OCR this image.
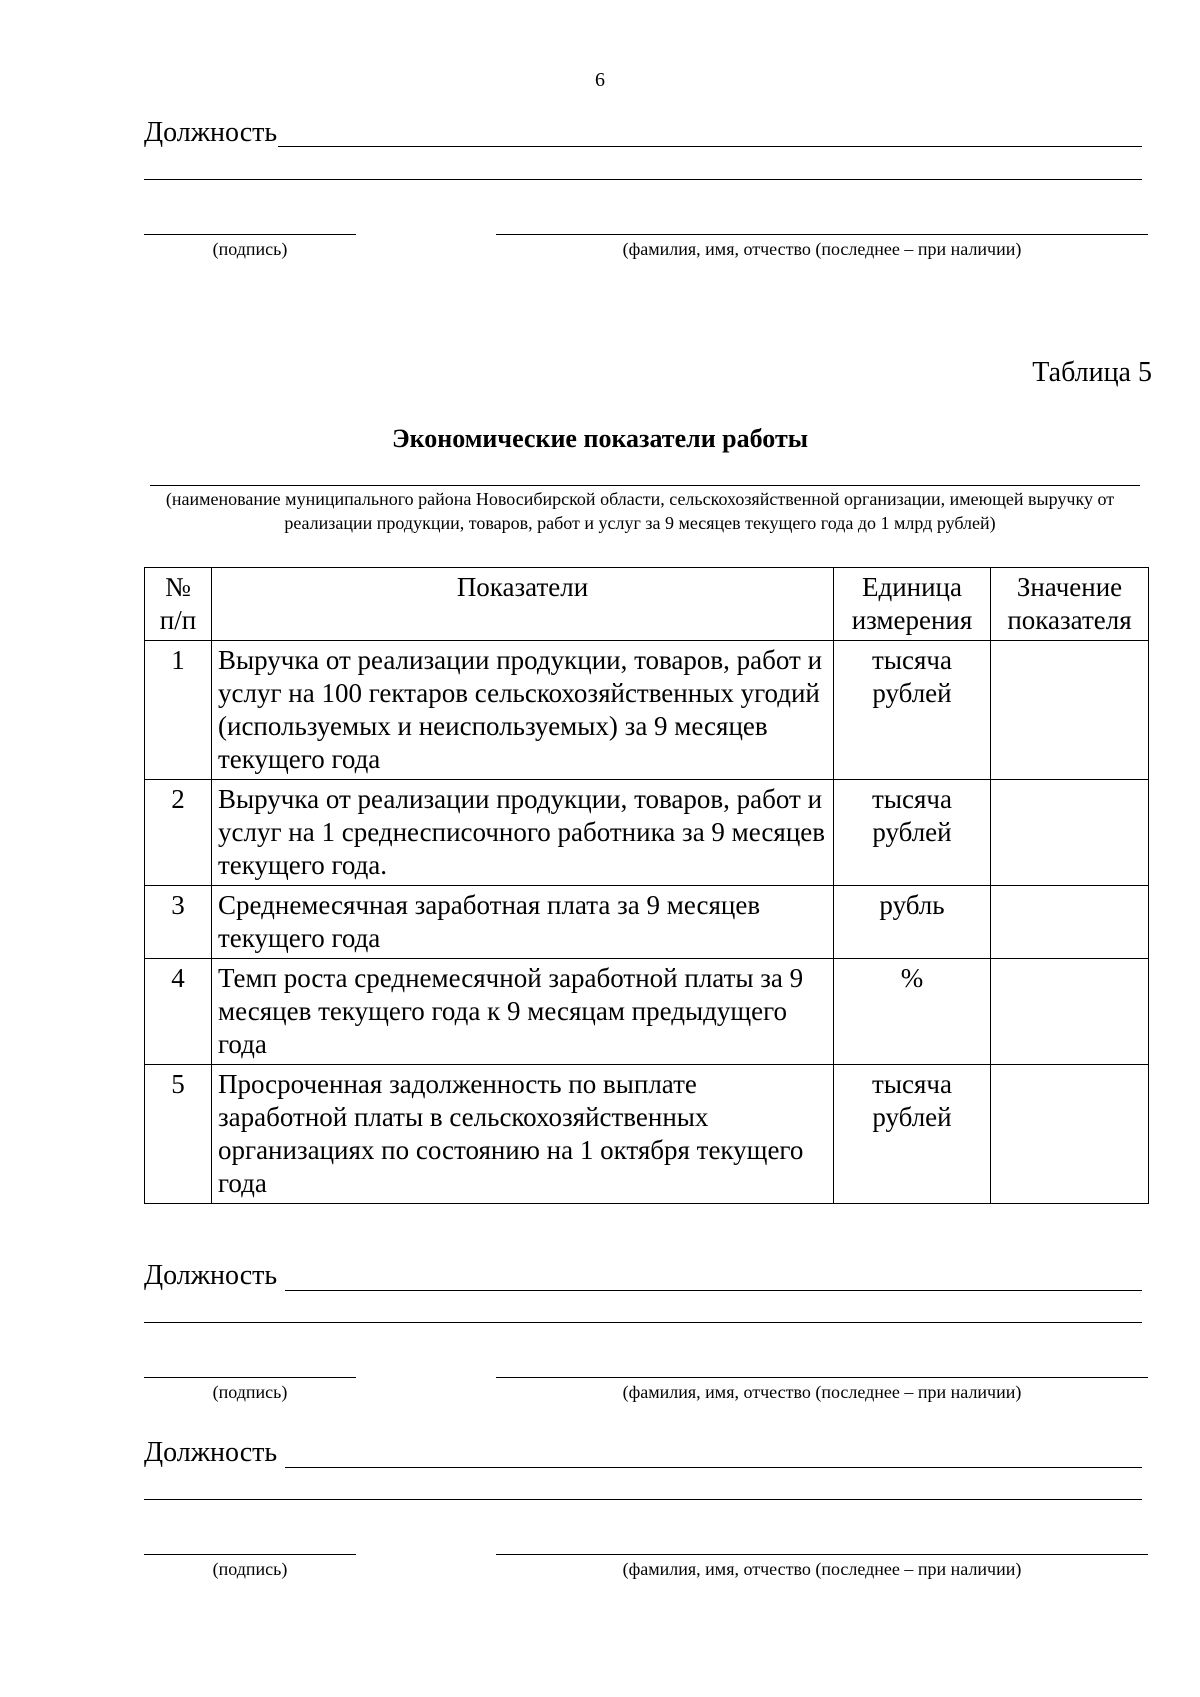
6
Должность
(подпись)	(фамилия, имя, отчество (последнее – при наличии)
Таблица 5
Экономические показатели работы
(наименование муниципального района Новосибирской области, сельскохозяйственной организации, имеющей выручку от реализации продукции, товаров, работ и услуг за 9 месяцев текущего года до 1 млрд рублей)
№ п/п	Показатели	Единица измерения	Значение показателя
1	Выручка от реализации продукции, товаров, работ и услуг на 100 гектаров сельскохозяйственных угодий (используемых и неиспользуемых) за 9 месяцев текущего года	тысяча рублей	
2	Выручка от реализации продукции, товаров, работ и услуг на 1 среднесписочного работника за 9 месяцев текущего года.	тысяча рублей	
3	Среднемесячная заработная плата за 9 месяцев текущего года	рубль	
4	Темп роста среднемесячной заработной платы за 9 месяцев текущего года к 9 месяцам предыдущего года	%	
5	Просроченная задолженность по выплате заработной платы в сельскохозяйственных организациях по состоянию на 1 октября текущего года	тысяча рублей	
Должность
(подпись)	(фамилия, имя, отчество (последнее – при наличии)
Должность
(подпись)	(фамилия, имя, отчество (последнее – при наличии)
